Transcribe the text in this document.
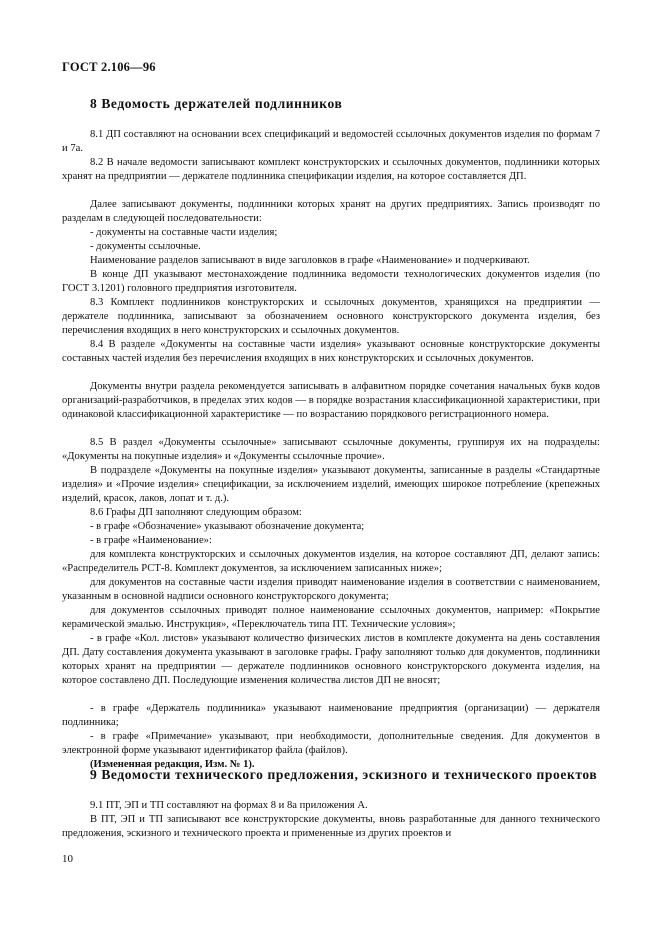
ГОСТ 2.106—96
8 Ведомость держателей подлинников

8.1 ДП составляют на основании всех спецификаций и ведомостей ссылочных документов изделия по формам 7 и 7а.

8.2 В начале ведомости записывают комплект конструкторских и ссылочных документов, подлинники которых хранят на предприятии — держателе подлинника спецификации изделия, на которое составляется ДП.

Далее записывают документы, подлинники которых хранят на других предприятиях. Запись производят по разделам в следующей последовательности:

- документы на составные части изделия;

- документы ссылочные.

Наименование разделов записывают в виде заголовков в графе «Наименование» и подчеркивают.

В конце ДП указывают местонахождение подлинника ведомости технологических документов изделия (по ГОСТ 3.1201) головного предприятия изготовителя.

8.3 Комплект подлинников конструкторских и ссылочных документов, хранящихся на предприятии — держателе подлинника, записывают за обозначением основного конструкторского документа изделия, без перечисления входящих в него конструкторских и ссылочных документов.

8.4 В разделе «Документы на составные части изделия» указывают основные конструкторские документы составных частей изделия без перечисления входящих в них конструкторских и ссылочных документов.

Документы внутри раздела рекомендуется записывать в алфавитном порядке сочетания начальных букв кодов организаций-разработчиков, в пределах этих кодов — в порядке возрастания классификационной характеристики, при одинаковой классификационной характеристике — по возрастанию порядкового регистрационного номера.

8.5 В раздел «Документы ссылочные» записывают ссылочные документы, группируя их на подразделы: «Документы на покупные изделия» и «Документы ссылочные прочие».

В подразделе «Документы на покупные изделия» указывают документы, записанные в разделы «Стандартные изделия» и «Прочие изделия» спецификации, за исключением изделий, имеющих широкое потребление (крепежных изделий, красок, лаков, лопат и т. д.).

8.6 Графы ДП заполняют следующим образом:

- в графе «Обозначение» указывают обозначение документа;

- в графе «Наименование»:

для комплекта конструкторских и ссылочных документов изделия, на которое составляют ДП, делают запись: «Распределитель РСТ-8. Комплект документов, за исключением записанных ниже»;

для документов на составные части изделия приводят наименование изделия в соответствии с наименованием, указанным в основной надписи основного конструкторского документа;

для документов ссылочных приводят полное наименование ссылочных документов, например: «Покрытие керамической эмалью. Инструкция», «Переключатель типа ПТ. Технические условия»;

- в графе «Кол. листов» указывают количество физических листов в комплекте документа на день составления ДП. Дату составления документа указывают в заголовке графы. Графу заполняют только для документов, подлинники которых хранят на предприятии — держателе подлинников основного конструкторского документа изделия, на которое составлено ДП. Последующие изменения количества листов ДП не вносят;

- в графе «Держатель подлинника» указывают наименование предприятия (организации) — держателя подлинника;

- в графе «Примечание» указывают, при необходимости, дополнительные сведения. Для документов в электронной форме указывают идентификатор файла (файлов).

(Измененная редакция, Изм. № 1).

9 Ведомости технического предложения, эскизного и технического проектов

9.1 ПТ, ЭП и ТП составляют на формах 8 и 8а приложения А.

В ПТ, ЭП и ТП записывают все конструкторские документы, вновь разработанные для данного технического предложения, эскизного и технического проекта и примененные из других проектов и

10
